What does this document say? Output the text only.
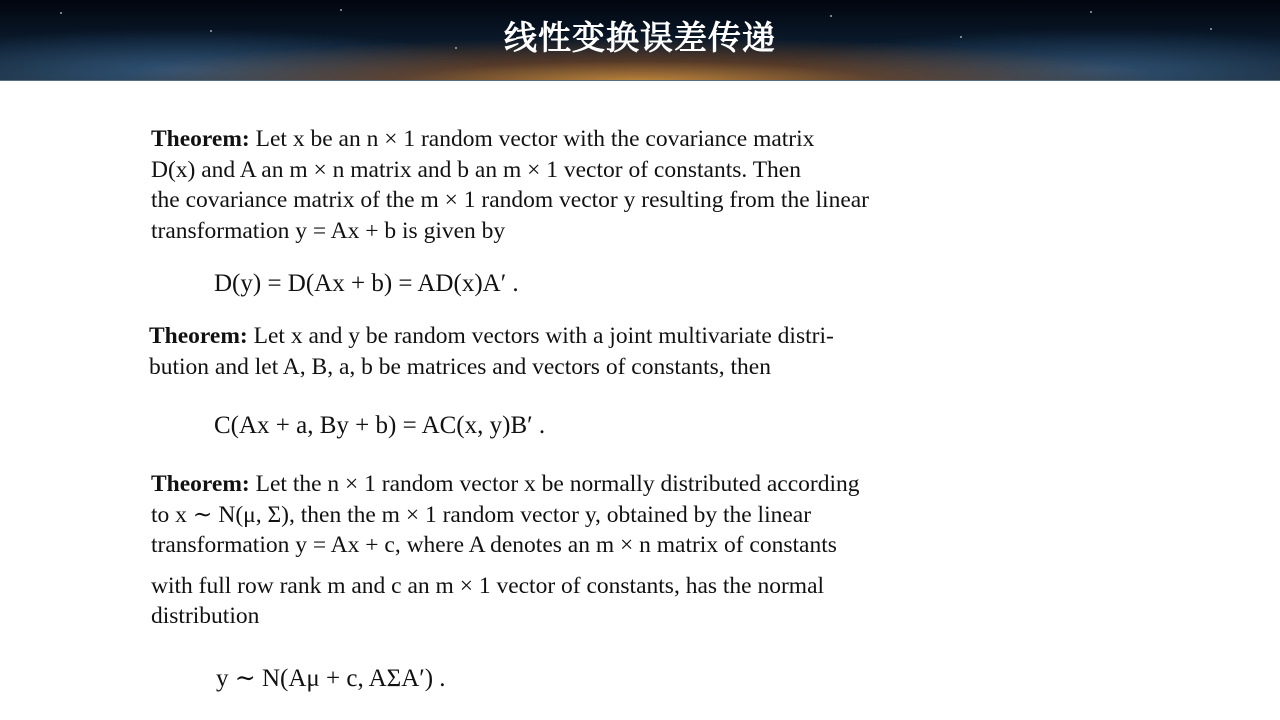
线性变换误差传递
Theorem: Let x be an n × 1 random vector with the covariance matrix
D(x) and A an m × n matrix and b an m × 1 vector of constants. Then
the covariance matrix of the m × 1 random vector y resulting from the linear
transformation y = Ax + b is given by
D(y) = D(Ax + b) = AD(x)A′ .
Theorem: Let x and y be random vectors with a joint multivariate distri-
bution and let A, B, a, b be matrices and vectors of constants, then
C(Ax + a, By + b) = AC(x, y)B′ .
Theorem: Let the n × 1 random vector x be normally distributed according
to x ∼ N(μ, Σ), then the m × 1 random vector y, obtained by the linear
transformation y = Ax + c, where A denotes an m × n matrix of constants
with full row rank m and c an m × 1 vector of constants, has the normal
distribution
y ∼ N(Aμ + c, AΣA′) .
